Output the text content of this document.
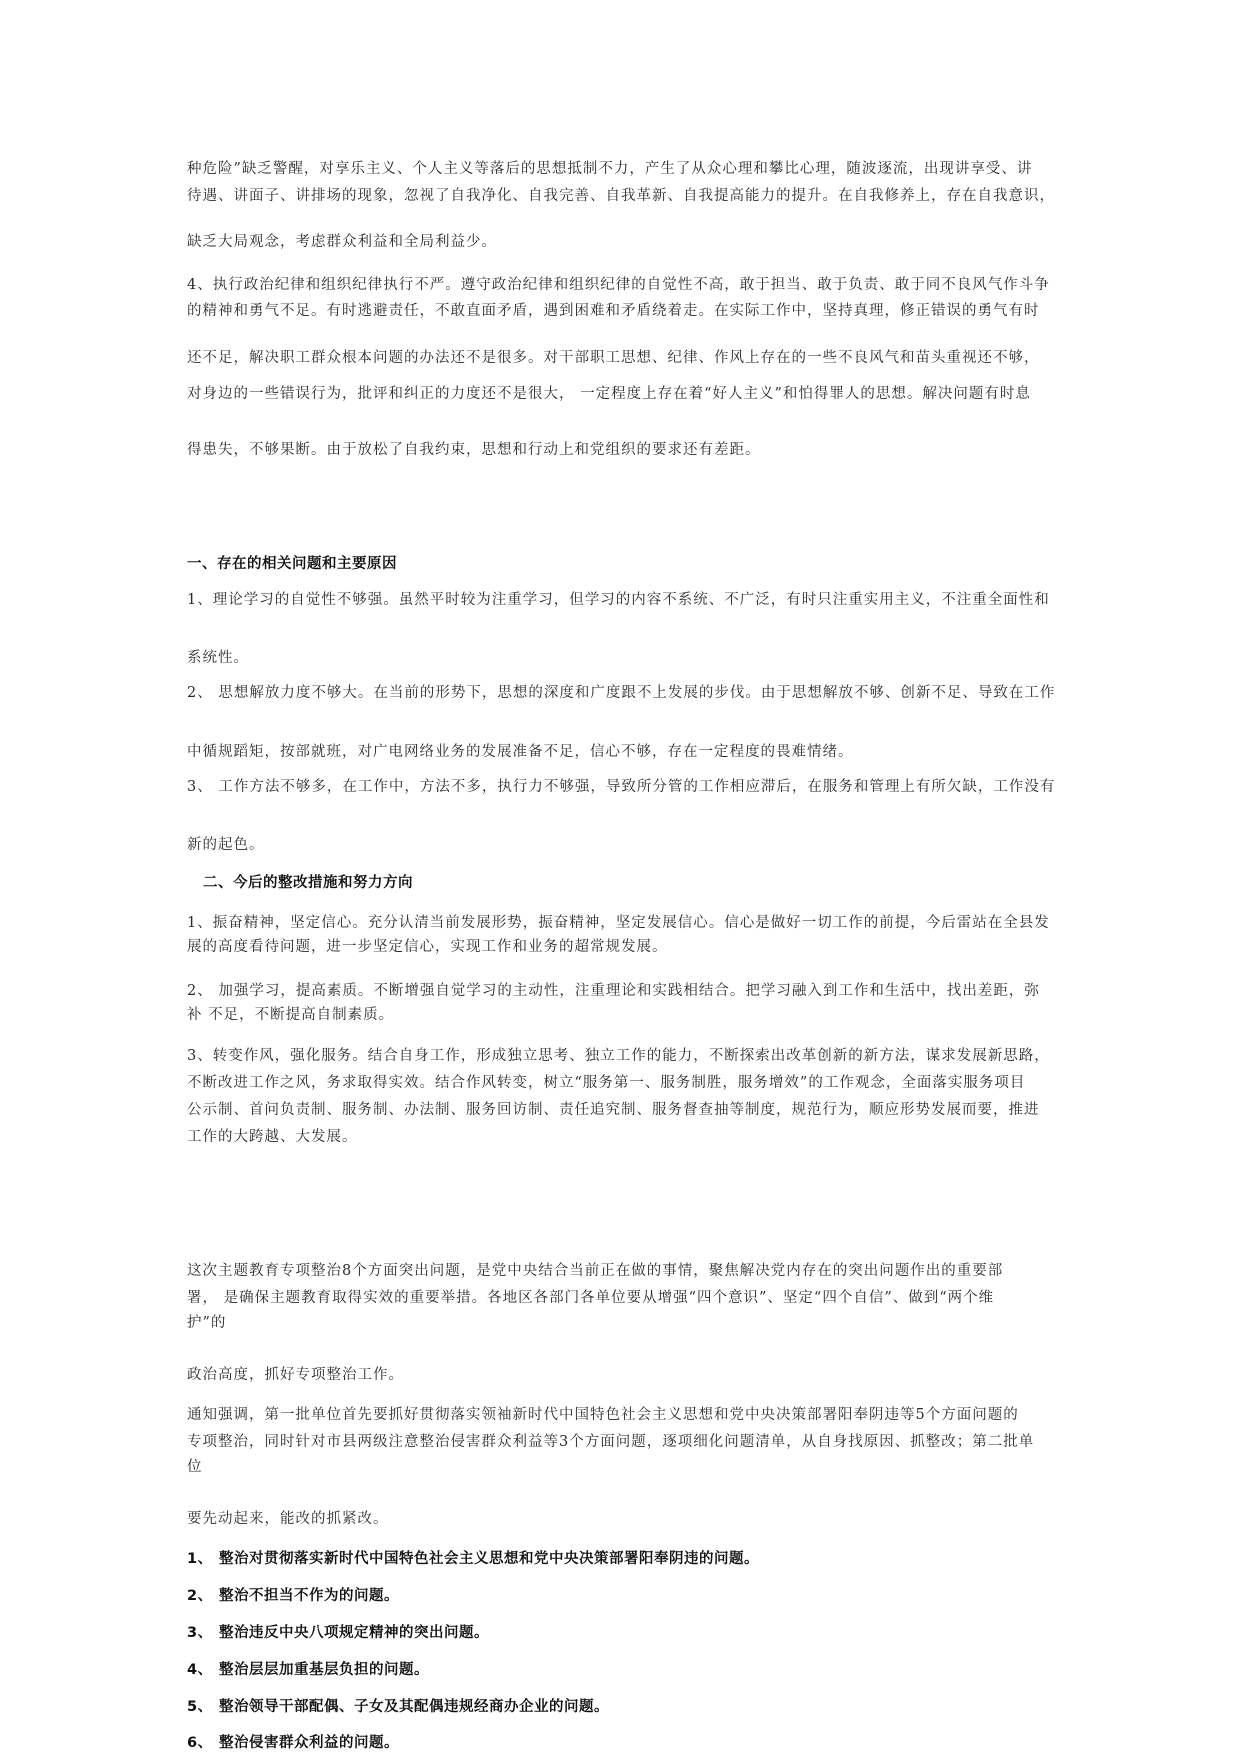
种危险”缺乏警醒，对享乐主义、个人主义等落后的思想抵制不力，产生了从众心理和攀比心理，随波逐流，出现讲享受、讲

待遇、讲面子、讲排场的现象，忽视了自我净化、自我完善、自我革新、自我提高能力的提升。在自我修养上，存在自我意识，

缺乏大局观念，考虑群众利益和全局利益少。

4、执行政治纪律和组织纪律执行不严。遵守政治纪律和组织纪律的自觉性不高，敢于担当、敢于负责、敢于同不良风气作斗争

的精神和勇气不足。有时逃避责任，不敢直面矛盾，遇到困难和矛盾绕着走。在实际工作中，坚持真理，修正错误的勇气有时

还不足，解决职工群众根本问题的办法还不是很多。对干部职工思想、纪律、作风上存在的一些不良风气和苗头重视还不够，

对身边的一些错误行为，批评和纠正的力度还不是很大， 一定程度上存在着“好人主义”和怕得罪人的思想。解决问题有时息

得患失，不够果断。由于放松了自我约束，思想和行动上和党组织的要求还有差距。

一、存在的相关问题和主要原因

1、理论学习的自觉性不够强。虽然平时较为注重学习，但学习的内容不系统、不广泛，有时只注重实用主义，不注重全面性和

系统性。

2、 思想解放力度不够大。在当前的形势下，思想的深度和广度跟不上发展的步伐。由于思想解放不够、创新不足、导致在工作

中循规蹈矩，按部就班，对广电网络业务的发展准备不足，信心不够，存在一定程度的畏难情绪。

3、 工作方法不够多，在工作中，方法不多，执行力不够强，导致所分管的工作相应滞后，在服务和管理上有所欠缺，工作没有

新的起色。

二、今后的整改措施和努力方向

1、振奋精神，坚定信心。充分认清当前发展形势，振奋精神，坚定发展信心。信心是做好一切工作的前提，今后雷站在全县发

展的高度看待问题，进一步坚定信心，实现工作和业务的超常规发展。

2、 加强学习，提高素质。不断增强自觉学习的主动性，注重理论和实践相结合。把学习融入到工作和生活中，找出差距，弥

补 不足，不断提高自制素质。

3、转变作风，强化服务。结合自身工作，形成独立思考、独立工作的能力，不断探索出改革创新的新方法，谋求发展新思路，

不断改进工作之风，务求取得实效。结合作风转变，树立“服务第一、服务制胜，服务增效”的工作观念，全面落实服务项目

公示制、首问负责制、服务制、办法制、服务回访制、责任追究制、服务督查抽等制度，规范行为，顺应形势发展而要，推进

工作的大跨越、大发展。

这次主题教育专项整治8个方面突出问题，是党中央结合当前正在做的事情，聚焦解决党内存在的突出问题作出的重要部

署， 是确保主题教育取得实效的重要举措。各地区各部门各单位要从增强“四个意识”、坚定“四个自信”、做到“两个维

护”的

政治高度，抓好专项整治工作。

通知强调，第一批单位首先要抓好贯彻落实领袖新时代中国特色社会主义思想和党中央决策部署阳奉阴违等5个方面问题的

专项整治，同时针对市县两级注意整治侵害群众利益等3个方面问题，逐项细化问题清单，从自身找原因、抓整改；第二批单

位

要先动起来，能改的抓紧改。

1、 整治对贯彻落实新时代中国特色社会主义思想和党中央决策部署阳奉阴违的问题。

2、 整治不担当不作为的问题。

3、 整治违反中央八项规定精神的突出问题。

4、 整治层层加重基层负担的问题。

5、 整治领导干部配偶、子女及其配偶违规经商办企业的问题。

6、 整治侵害群众利益的问题。
